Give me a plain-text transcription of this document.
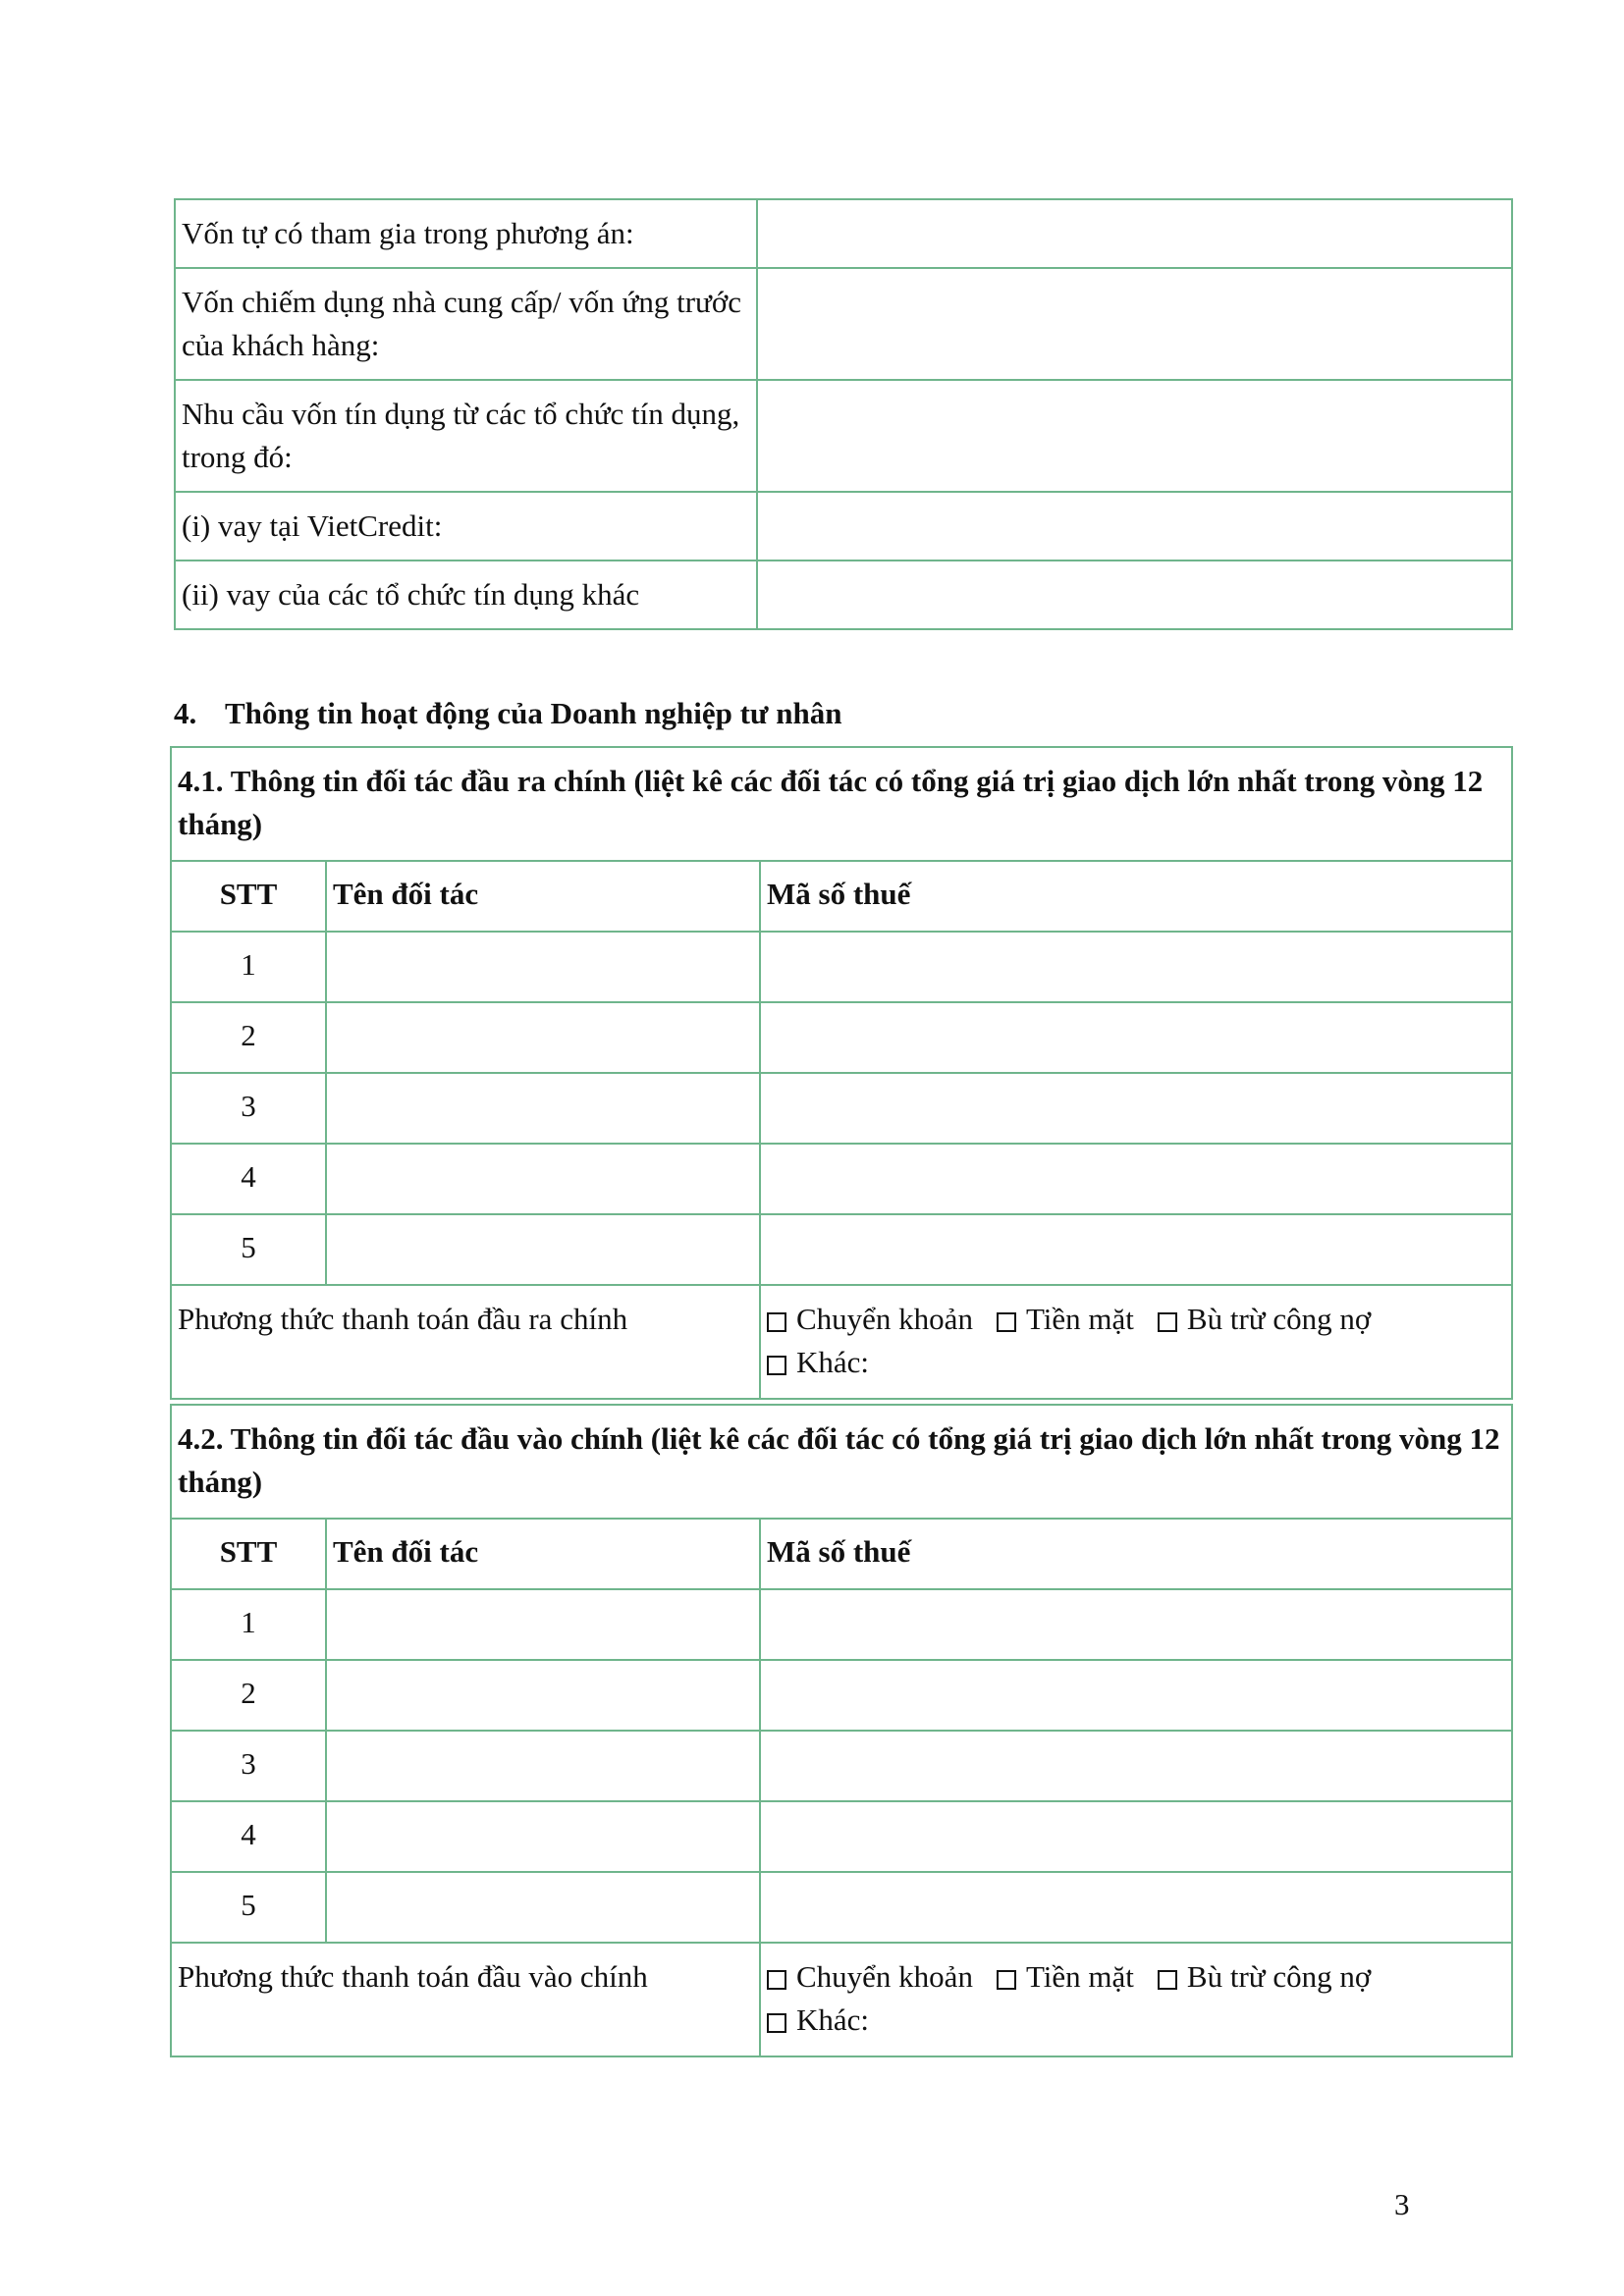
Vốn tự có tham gia trong phương án:	
Vốn chiếm dụng nhà cung cấp/ vốn ứng trước của khách hàng:	
Nhu cầu vốn tín dụng từ các tổ chức tín dụng, trong đó:	
(i) vay tại VietCredit:	
(ii) vay của các tổ chức tín dụng khác	
4. Thông tin hoạt động của Doanh nghiệp tư nhân
4.1. Thông tin đối tác đầu ra chính (liệt kê các đối tác có tổng giá trị giao dịch lớn nhất trong vòng 12 tháng)		
STT	Tên đối tác	Mã số thuế
1		
2		
3		
4		
5		
Phương thức thanh toán đầu ra chính		Chuyển khoản Tiền mặt Bù trừ công nợ
Khác:
4.2. Thông tin đối tác đầu vào chính (liệt kê các đối tác có tổng giá trị giao dịch lớn nhất trong vòng 12 tháng)		
STT	Tên đối tác	Mã số thuế
1		
2		
3		
4		
5		
Phương thức thanh toán đầu vào chính		Chuyển khoản Tiền mặt Bù trừ công nợ
Khác:
3
